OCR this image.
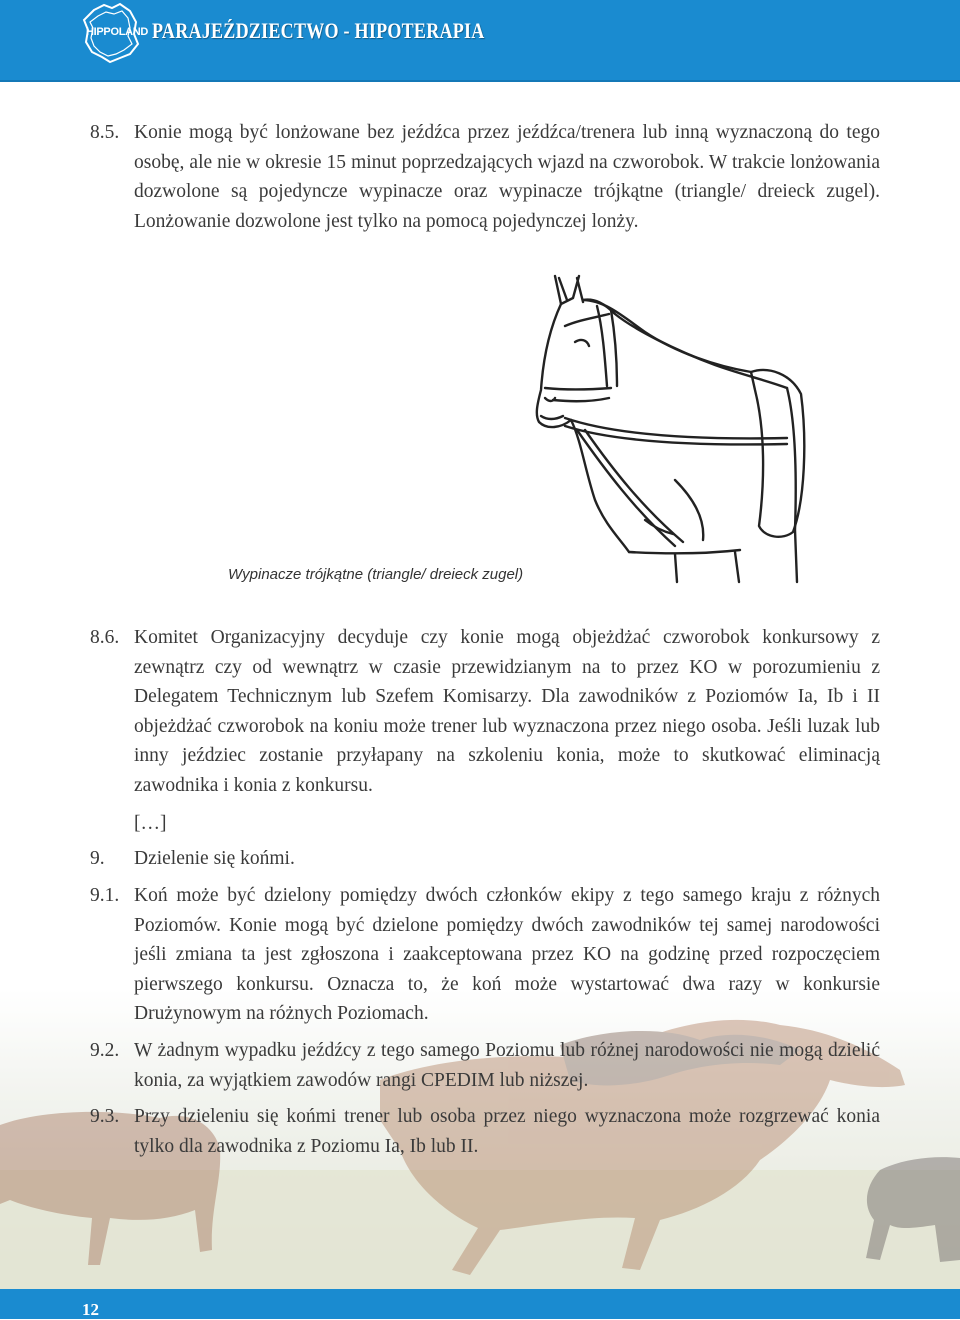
HIPPOLAND PARAJEŹDZIECTWO - HIPOTERAPIA
8.5. Konie mogą być lonżowane bez jeźdźca przez jeźdźca/trenera lub inną wyznaczoną do tego osobę, ale nie w okresie 15 minut poprzedzających wjazd na czworobok. W trakcie lonżowania dozwolone są pojedyncze wypinacze oraz wypinacze trójkątne (triangle/ dreieck zugel). Lonżowanie dozwolone jest tylko na pomocą pojedynczej lonży.
Wypinacze trójkątne (triangle/ dreieck zugel)
8.6. Komitet Organizacyjny decyduje czy konie mogą objeżdżać czworobok konkursowy z zewnątrz czy od wewnątrz w czasie przewidzianym na to przez KO w porozumieniu z Delegatem Technicznym lub Szefem Komisarzy. Dla zawodników z Poziomów Ia, Ib i II objeżdżać czworobok na koniu może trener lub wyznaczona przez niego osoba. Jeśli luzak lub inny jeździec zostanie przyłapany na szkoleniu konia, może to skutkować eliminacją zawodnika i konia z konkursu.
[…]
9.	Dzielenie się końmi.
9.1. Koń może być dzielony pomiędzy dwóch członków ekipy z tego samego kraju z różnych Poziomów. Konie mogą być dzielone pomiędzy dwóch zawodników tej samej narodowości jeśli zmiana ta jest zgłoszona i zaakceptowana przez KO na godzinę przed rozpoczęciem pierwszego konkursu. Oznacza to, że koń może wystartować dwa razy w konkursie Drużynowym na różnych Poziomach.
9.2. W żadnym wypadku jeźdźcy z tego samego Poziomu lub różnej narodowości nie mogą dzielić konia, za wyjątkiem zawodów rangi CPEDIM lub niższej.
9.3. Przy dzieleniu się końmi trener lub osoba przez niego wyznaczona może rozgrzewać konia tylko dla zawodnika z Poziomu Ia, Ib lub II.
12
